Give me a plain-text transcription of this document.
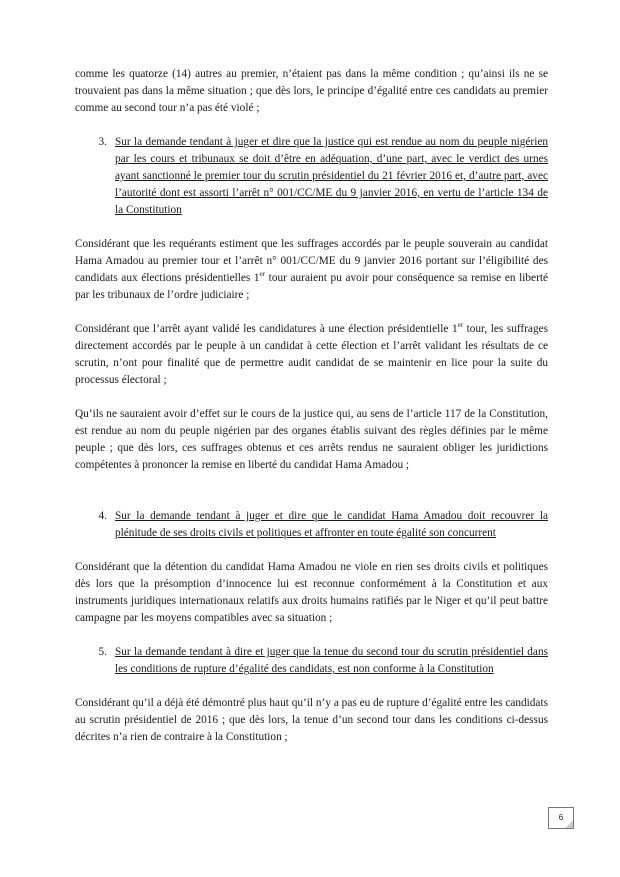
comme les quatorze (14) autres au premier, n’étaient pas dans la même condition ; qu’ainsi ils ne se trouvaient pas dans la même situation ; que dès lors, le principe d’égalité entre ces candidats au premier comme au second tour n’a pas été violé ;

3. Sur la demande tendant à juger et dire que la justice qui est rendue au nom du peuple nigérien par les cours et tribunaux se doit d’être en adéquation, d’une part, avec le verdict des urnes ayant sanctionné le premier tour du scrutin présidentiel du 21 février 2016 et, d’autre part, avec l’autorité dont est assorti l’arrêt n° 001/CC/ME du 9 janvier 2016, en vertu de l’article 134 de la Constitution

Considérant que les requérants estiment que les suffrages accordés par le peuple souverain au candidat Hama Amadou au premier tour et l’arrêt n° 001/CC/ME du 9 janvier 2016 portant sur l’éligibilité des candidats aux élections présidentielles 1er tour auraient pu avoir pour conséquence sa remise en liberté par les tribunaux de l’ordre judiciaire ;

Considérant que l’arrêt ayant validé les candidatures à une élection présidentielle 1er tour, les suffrages directement accordés par le peuple à un candidat à cette élection et l’arrêt validant les résultats de ce scrutin, n’ont pour finalité que de permettre audit candidat de se maintenir en lice pour la suite du processus électoral ;

Qu’ils ne sauraient avoir d’effet sur le cours de la justice qui, au sens de l’article 117 de la Constitution, est rendue au nom du peuple nigérien par des organes établis suivant des règles définies par le même peuple ; que dès lors, ces suffrages obtenus et ces arrêts rendus ne sauraient obliger les juridictions compétentes à prononcer la remise en liberté du candidat Hama Amadou ;

4. Sur la demande tendant à juger et dire que le candidat Hama Amadou doit recouvrer la plénitude de ses droits civils et politiques et affronter en toute égalité son concurrent

Considérant que la détention du candidat Hama Amadou ne viole en rien ses droits civils et politiques dès lors que la présomption d’innocence lui est reconnue conformément à la Constitution et aux instruments juridiques internationaux relatifs aux droits humains ratifiés par le Niger et qu’il peut battre campagne par les moyens compatibles avec sa situation ;

5. Sur la demande tendant à dire et juger que la tenue du second tour du scrutin présidentiel dans les conditions de rupture d’égalité des candidats, est non conforme à la Constitution

Considérant qu’il a déjà été démontré plus haut qu’il n’y a pas eu de rupture d’égalité entre les candidats au scrutin présidentiel de 2016 ; que dès lors, la tenue d’un second tour dans les conditions ci-dessus décrites n’a rien de contraire à la Constitution ;

6
